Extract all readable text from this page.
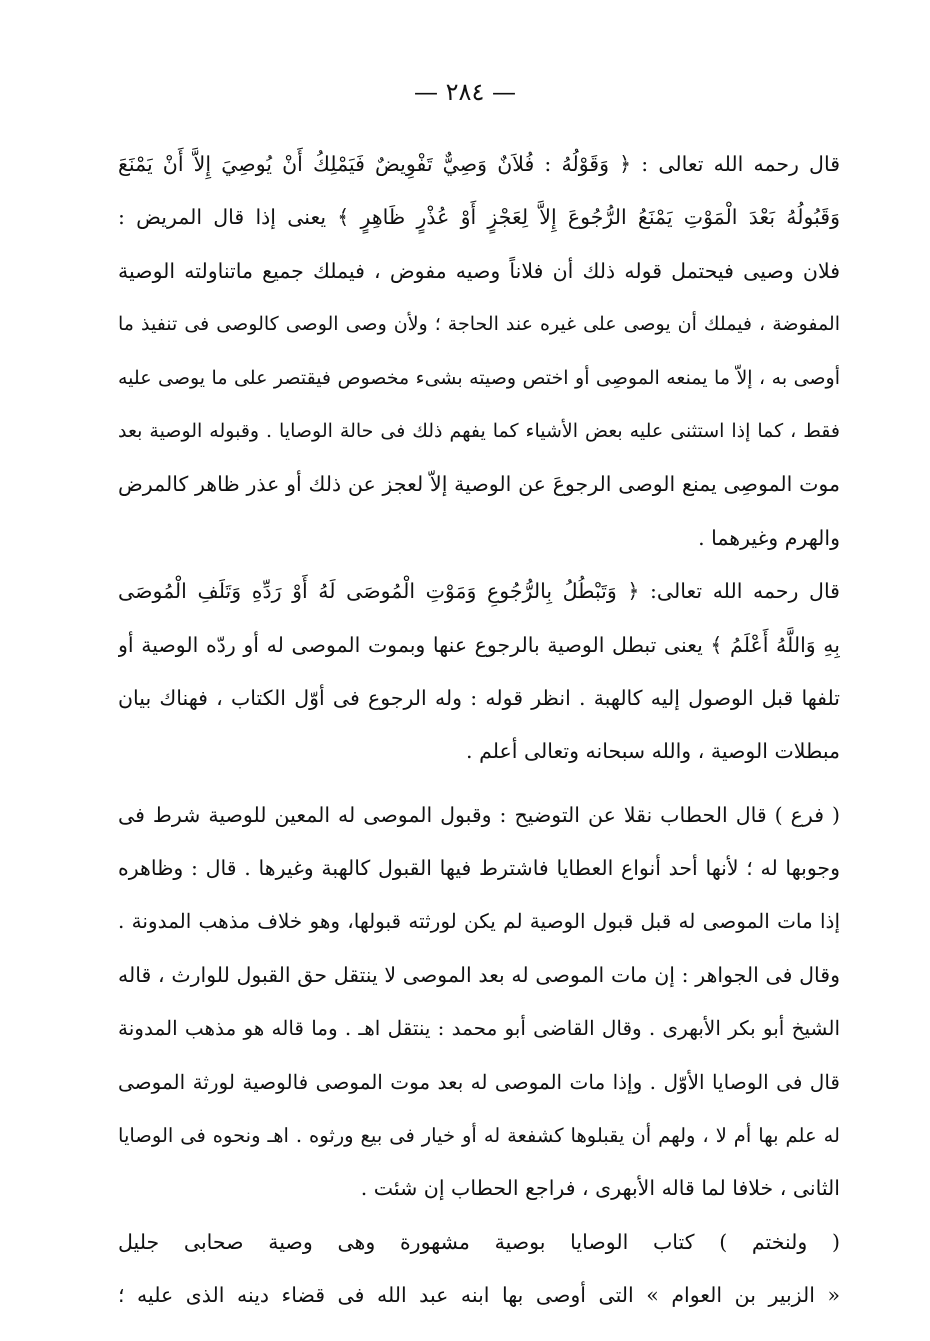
— ٢٨٤ —
قال رحمه الله تعالى : ﴿ وَقَوْلُهُ : فُلاَنٌ وَصِيٌّ تَفْوِيضٌ فَيَمْلِكُ أَنْ يُوصِيَ إِلاَّ أَنْ يَمْنَعَ
وَقَبُولُهُ بَعْدَ الْمَوْتِ يَمْنَعُ الرُّجُوعَ إِلاَّ لِعَجْزٍ أَوْ عُذْرٍ ظَاهِرٍ ﴾ يعنى إذا قال المريض :
فلان وصيى فيحتمل قوله ذلك أن فلاناً وصيه مفوض ، فيملك جميع ماتناولته الوصية
المفوضة ، فيملك أن يوصى على غيره عند الحاجة ؛ ولأن وصى الوصى كالوصى فى تنفيذ ما
أوصى به ، إلاّ ما يمنعه الموصِى أو اختص وصيته بشىء مخصوص فيقتصر على ما يوصى عليه
فقط ، كما إذا استثنى عليه بعض الأشياء كما يفهم ذلك فى حالة الوصايا . وقبوله الوصية بعد
موت الموصِى يمنع الوصى الرجوعَ عن الوصية إلاّ لعجز عن ذلك أو عذر ظاهر كالمرض
والهرم وغيرهما .
قال رحمه الله تعالى: ﴿ وَتَبْطُلُ بِالرُّجُوعِ وَمَوْتِ الْمُوصَى لَهُ أَوْ رَدِّهِ وَتَلَفِ الْمُوصَى
بِهِ وَاللَّهُ أَعْلَمُ ﴾ يعنى تبطل الوصية بالرجوع عنها وبموت الموصى له أو ردّه الوصية أو
تلفها قبل الوصول إليه كالهبة . انظر قوله : وله الرجوع فى أوّل الكتاب ، فهناك بيان
مبطلات الوصية ، والله سبحانه وتعالى أعلم .
( فرع ) قال الحطاب نقلا عن التوضيح : وقبول الموصى له المعين للوصية شرط فى
وجوبها له ؛ لأنها أحد أنواع العطايا فاشترط فيها القبول كالهبة وغيرها . قال : وظاهره
إذا مات الموصى له قبل قبول الوصية لم يكن لورثته قبولها، وهو خلاف مذهب المدونة .
وقال فى الجواهر : إن مات الموصى له بعد الموصى لا ينتقل حق القبول للوارث ، قاله
الشيخ أبو بكر الأبهرى . وقال القاضى أبو محمد : ينتقل اهـ . وما قاله هو مذهب المدونة
قال فى الوصايا الأوّل . وإذا مات الموصى له بعد موت الموصى فالوصية لورثة الموصى
له علم بها أم لا ، ولهم أن يقبلوها كشفعة له أو خيار فى بيع ورثوه . اهـ ونحوه فى الوصايا
الثانى ، خلافا لما قاله الأبهرى ، فراجع الحطاب إن شئت .
( ولنختم ) كتاب الوصايا بوصية مشهورة وهى وصية صحابى جليل
« الزبير بن العوام » التى أوصى بها ابنه عبد الله فى قضاء دينه الذى عليه ؛
